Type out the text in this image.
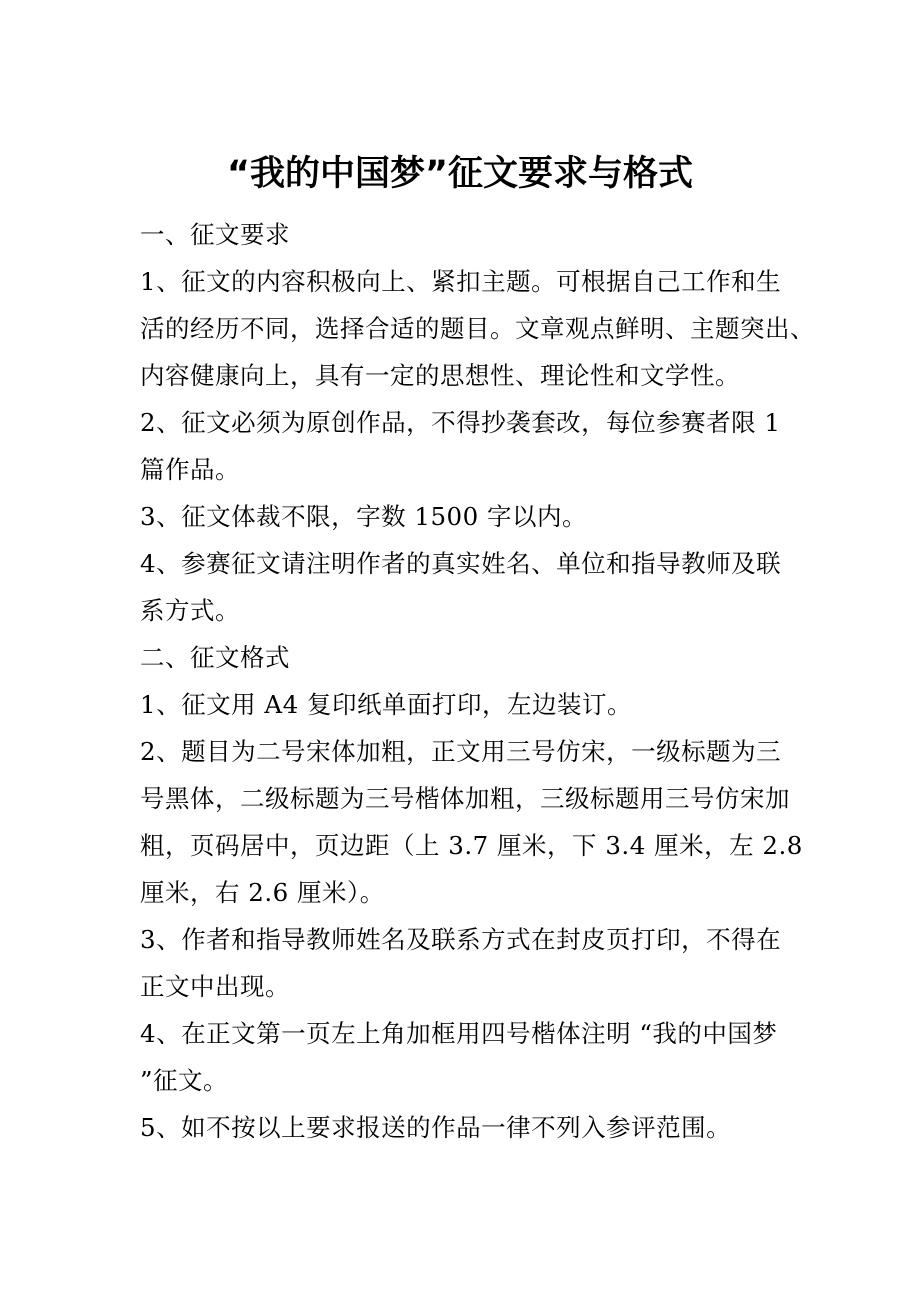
“我的中国梦”征文要求与格式
一、征文要求
1、征文的内容积极向上、紧扣主题。可根据自己工作和生
活的经历不同，选择合适的题目。文章观点鲜明、主题突出、
内容健康向上，具有一定的思想性、理论性和文学性。
2、征文必须为原创作品，不得抄袭套改，每位参赛者限 1
篇作品。
3、征文体裁不限，字数 1500 字以内。
4、参赛征文请注明作者的真实姓名、单位和指导教师及联
系方式。
二、征文格式
1、征文用 A4 复印纸单面打印，左边装订。
2、题目为二号宋体加粗，正文用三号仿宋，一级标题为三
号黑体，二级标题为三号楷体加粗，三级标题用三号仿宋加
粗，页码居中，页边距（上 3.7 厘米，下 3.4 厘米，左 2.8
厘米，右 2.6 厘米）。
3、作者和指导教师姓名及联系方式在封皮页打印，不得在
正文中出现。
4、在正文第一页左上角加框用四号楷体注明 “我的中国梦
”征文。
5、如不按以上要求报送的作品一律不列入参评范围。
